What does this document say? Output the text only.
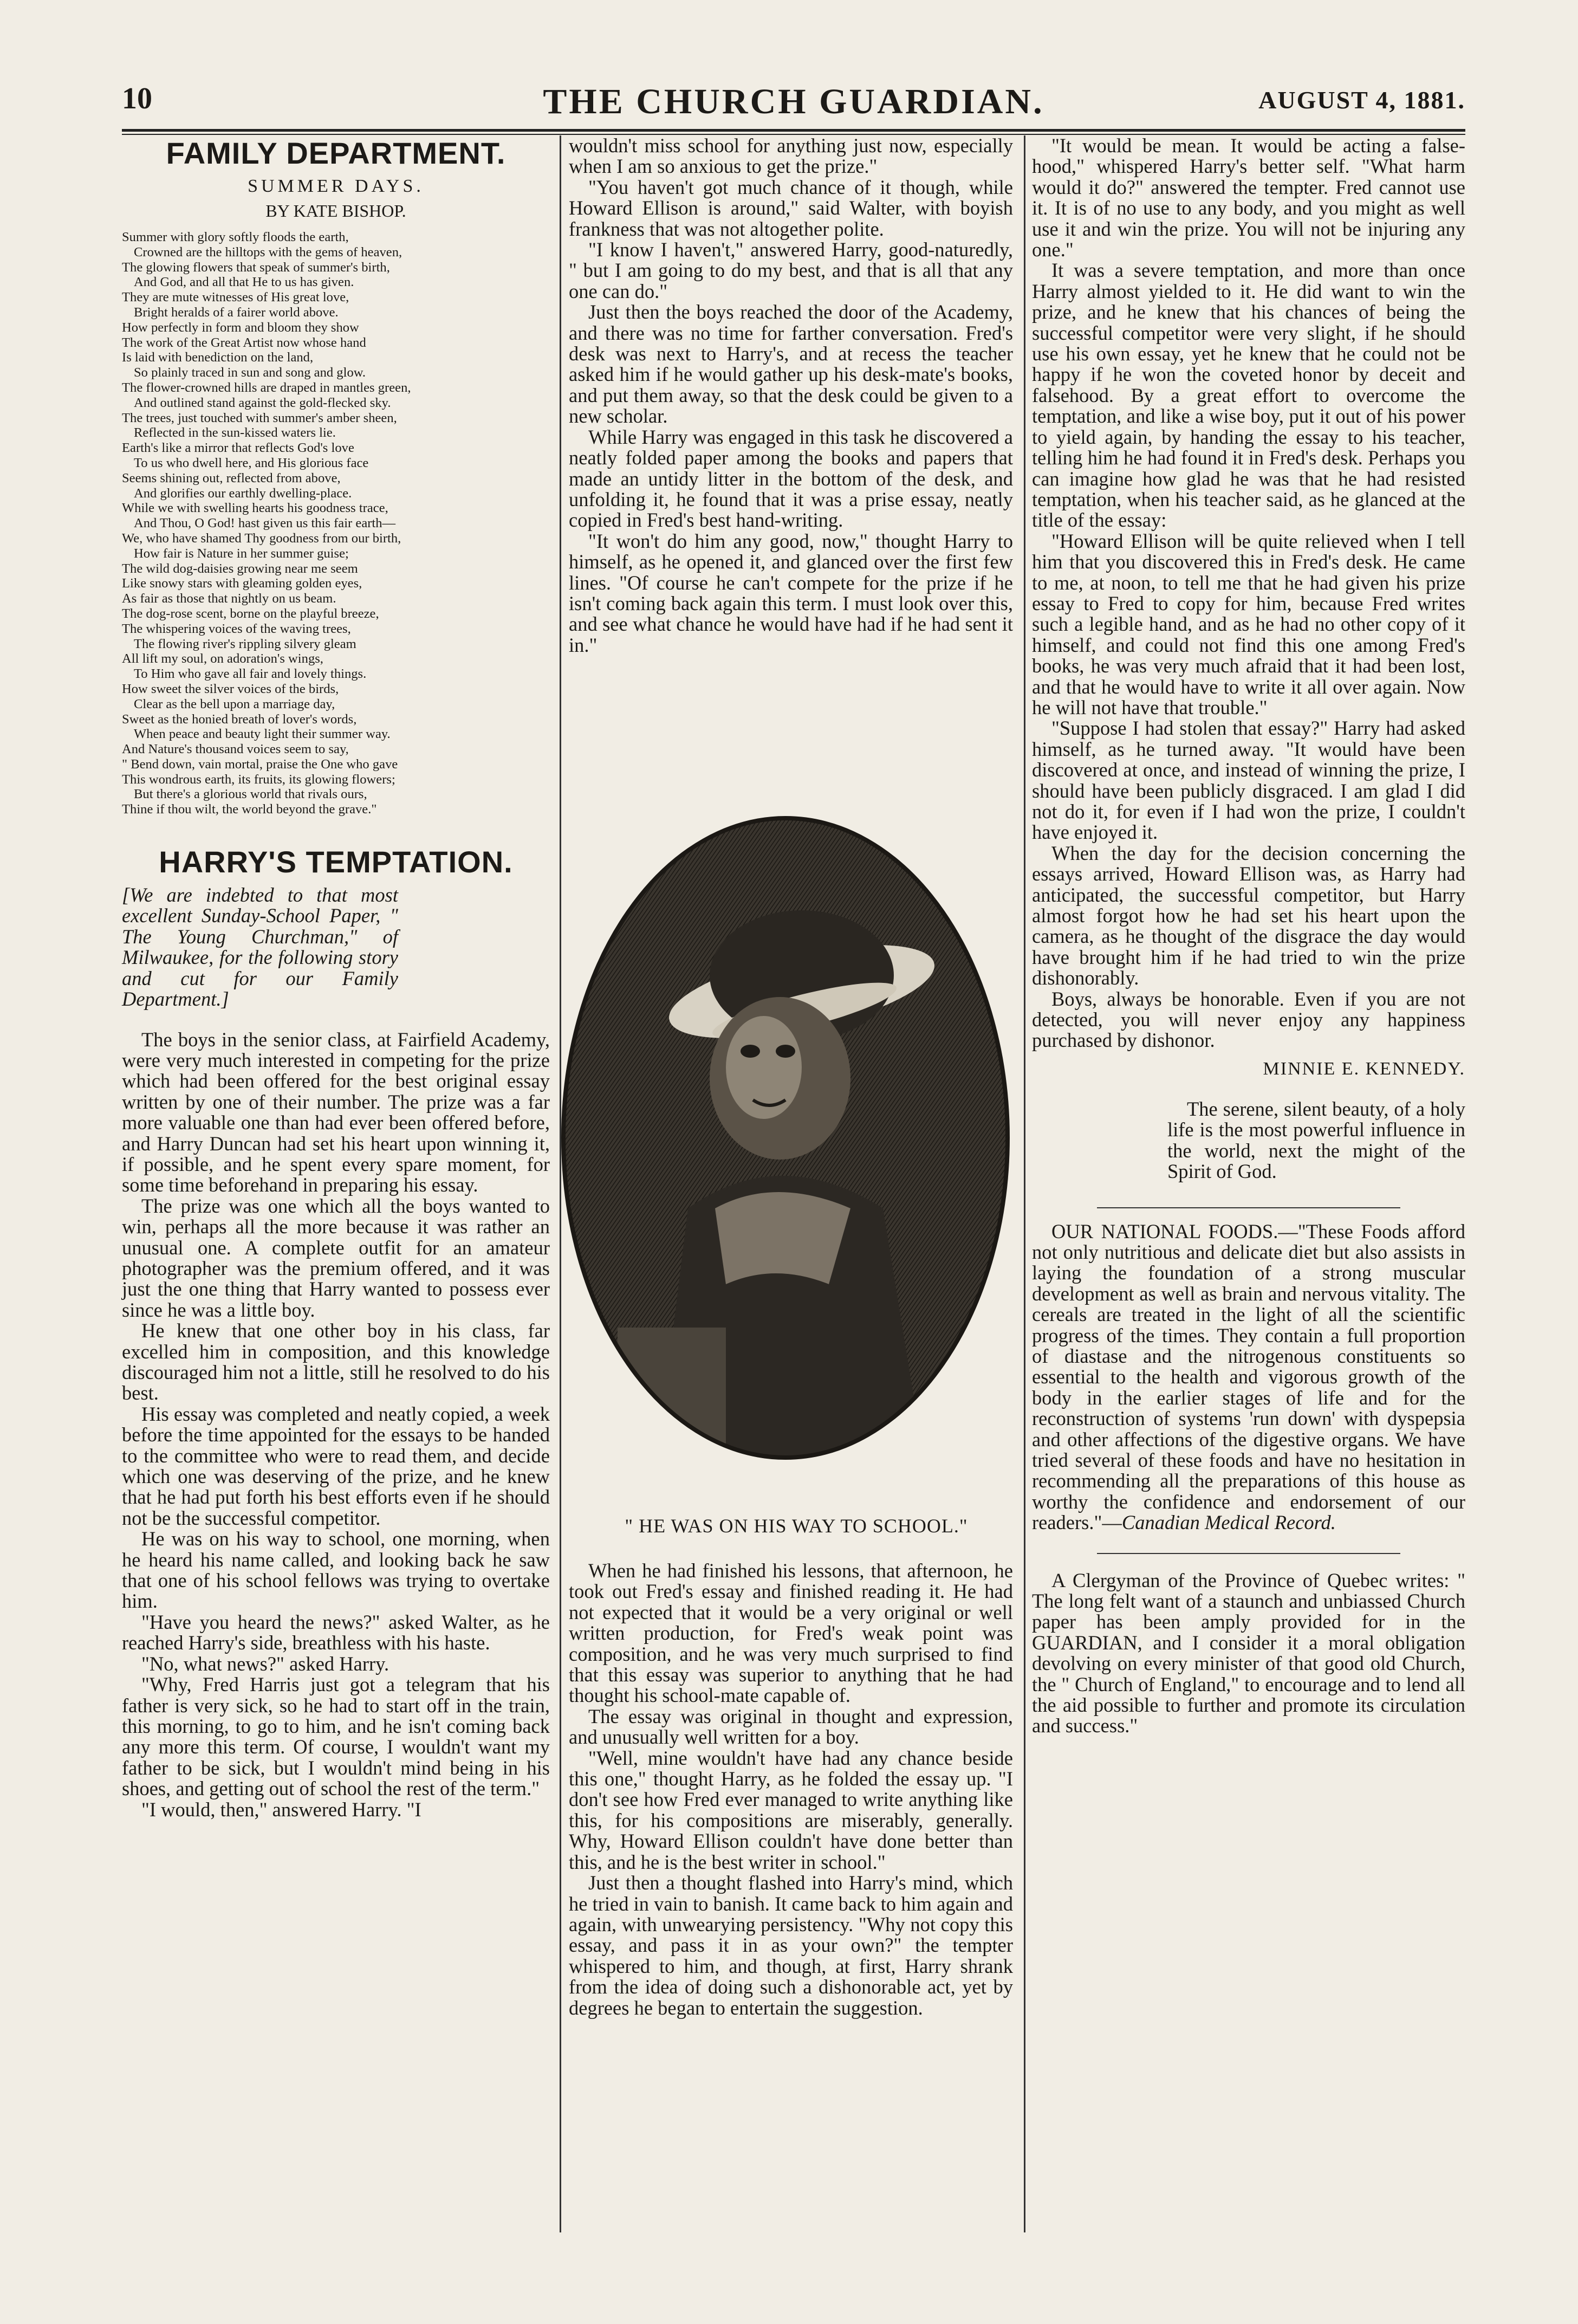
10	THE CHURCH GUARDIAN.	AUGUST 4, 1881.
FAMILY DEPARTMENT.
SUMMER DAYS.
BY KATE BISHOP.
Summer with glory softly floods the earth,
Crowned are the hilltops with the gems of heaven,
The glowing flowers that speak of summer's birth,
And God, and all that He to us has given.
They are mute witnesses of His great love,
Bright heralds of a fairer world above.
How perfectly in form and bloom they show
The work of the Great Artist now whose hand
Is laid with benediction on the land,
So plainly traced in sun and song and glow.
The flower-crowned hills are draped in mantles green,
And outlined stand against the gold-flecked sky.
The trees, just touched with summer's amber sheen,
Reflected in the sun-kissed waters lie.
Earth's like a mirror that reflects God's love
To us who dwell here, and His glorious face
Seems shining out, reflected from above,
And glorifies our earthly dwelling-place.
While we with swelling hearts his goodness trace,
And Thou, O God! hast given us this fair earth—
We, who have shamed Thy goodness from our birth,
How fair is Nature in her summer guise;
The wild dog-daisies growing near me seem
Like snowy stars with gleaming golden eyes,
As fair as those that nightly on us beam.
The dog-rose scent, borne on the playful breeze,
The whispering voices of the waving trees,
The flowing river's rippling silvery gleam
All lift my soul, on adoration's wings,
To Him who gave all fair and lovely things.
How sweet the silver voices of the birds,
Clear as the bell upon a marriage day,
Sweet as the honied breath of lover's words,
When peace and beauty light their summer way.
And Nature's thousand voices seem to say,
" Bend down, vain mortal, praise the One who gave
This wondrous earth, its fruits, its glowing flowers;
But there's a glorious world that rivals ours,
Thine if thou wilt, the world beyond the grave."
HARRY'S TEMPTATION.
[We are indebted to that most excellent Sunday-School Paper, " The Young Churchman," of Milwaukee, for the following story and cut for our Family Department.]

The boys in the senior class, at Fairfield Academy, were very much interested in competing for the prize which had been offered for the best original essay written by one of their number. The prize was a far more valuable one than had ever been offered before, and Harry Duncan had set his heart upon winning it, if possible, and he spent every spare moment, for some time beforehand in preparing his essay.

The prize was one which all the boys wanted to win, perhaps all the more because it was rather an unusual one. A complete outfit for an amateur photographer was the premium offered, and it was just the one thing that Harry wanted to possess ever since he was a little boy.

He knew that one other boy in his class, far excelled him in composition, and this knowledge discouraged him not a little, still he resolved to do his best.

His essay was completed and neatly copied, a week before the time appointed for the essays to be handed to the committee who were to read them, and decide which one was deserving of the prize, and he knew that he had put forth his best efforts even if he should not be the successful competitor.

He was on his way to school, one morning, when he heard his name called, and looking back he saw that one of his school fellows was trying to overtake him.

"Have you heard the news?" asked Walter, as he reached Harry's side, breathless with his haste.

"No, what news?" asked Harry.

"Why, Fred Harris just got a telegram that his father is very sick, so he had to start off in the train, this morning, to go to him, and he isn't coming back any more this term. Of course, I wouldn't want my father to be sick, but I wouldn't mind being in his shoes, and getting out of school the rest of the term."

"I would, then," answered Harry. "I

wouldn't miss school for anything just now, especially when I am so anxious to get the prize."

"You haven't got much chance of it though, while Howard Ellison is around," said Walter, with boyish frankness that was not altogether polite.

"I know I haven't," answered Harry, good-naturedly, " but I am going to do my best, and that is all that any one can do."

Just then the boys reached the door of the Academy, and there was no time for farther conversation. Fred's desk was next to Harry's, and at recess the teacher asked him if he would gather up his desk-mate's books, and put them away, so that the desk could be given to a new scholar.

While Harry was engaged in this task he discovered a neatly folded paper among the books and papers that made an untidy litter in the bottom of the desk, and unfolding it, he found that it was a prise essay, neatly copied in Fred's best hand-writing.

"It won't do him any good, now," thought Harry to himself, as he opened it, and glanced over the first few lines. "Of course he can't compete for the prize if he isn't coming back again this term. I must look over this, and see what chance he would have had if he had sent it in."

" HE WAS ON HIS WAY TO SCHOOL."

When he had finished his lessons, that afternoon, he took out Fred's essay and finished reading it. He had not expected that it would be a very original or well written production, for Fred's weak point was composition, and he was very much surprised to find that this essay was superior to anything that he had thought his school-mate capable of.

The essay was original in thought and expression, and unusually well written for a boy.

"Well, mine wouldn't have had any chance beside this one," thought Harry, as he folded the essay up. "I don't see how Fred ever managed to write anything like this, for his compositions are miserably, generally. Why, Howard Ellison couldn't have done better than this, and he is the best writer in school."

Just then a thought flashed into Harry's mind, which he tried in vain to banish. It came back to him again and again, with unwearying persistency. "Why not copy this essay, and pass it in as your own?" the tempter whispered to him, and though, at first, Harry shrank from the idea of doing such a dishonorable act, yet by degrees he began to entertain the suggestion.

"It would be mean. It would be acting a false-hood," whispered Harry's better self. "What harm would it do?" answered the tempter. Fred cannot use it. It is of no use to any body, and you might as well use it and win the prize. You will not be injuring any one."

It was a severe temptation, and more than once Harry almost yielded to it. He did want to win the prize, and he knew that his chances of being the successful competitor were very slight, if he should use his own essay, yet he knew that he could not be happy if he won the coveted honor by deceit and falsehood. By a great effort to overcome the temptation, and like a wise boy, put it out of his power to yield again, by handing the essay to his teacher, telling him he had found it in Fred's desk. Perhaps you can imagine how glad he was that he had resisted temptation, when his teacher said, as he glanced at the title of the essay:

"Howard Ellison will be quite relieved when I tell him that you discovered this in Fred's desk. He came to me, at noon, to tell me that he had given his prize essay to Fred to copy for him, because Fred writes such a legible hand, and as he had no other copy of it himself, and could not find this one among Fred's books, he was very much afraid that it had been lost, and that he would have to write it all over again. Now he will not have that trouble."

"Suppose I had stolen that essay?" Harry had asked himself, as he turned away. "It would have been discovered at once, and instead of winning the prize, I should have been publicly disgraced. I am glad I did not do it, for even if I had won the prize, I couldn't have enjoyed it.

When the day for the decision concerning the essays arrived, Howard Ellison was, as Harry had anticipated, the successful competitor, but Harry almost forgot how he had set his heart upon the camera, as he thought of the disgrace the day would have brought him if he had tried to win the prize dishonorably.

Boys, always be honorable. Even if you are not detected, you will never enjoy any happiness purchased by dishonor.

MINNIE E. KENNEDY.

The serene, silent beauty, of a holy life is the most powerful influence in the world, next the might of the Spirit of God.

OUR NATIONAL FOODS.—"These Foods afford not only nutritious and delicate diet but also assists in laying the foundation of a strong muscular development as well as brain and nervous vitality. The cereals are treated in the light of all the scientific progress of the times. They contain a full proportion of diastase and the nitrogenous constituents so essential to the health and vigorous growth of the body in the earlier stages of life and for the reconstruction of systems 'run down' with dyspepsia and other affections of the digestive organs. We have tried several of these foods and have no hesitation in recommending all the preparations of this house as worthy the confidence and endorsement of our readers."—Canadian Medical Record.

A Clergyman of the Province of Quebec writes: " The long felt want of a staunch and unbiassed Church paper has been amply provided for in the GUARDIAN, and I consider it a moral obligation devolving on every minister of that good old Church, the " Church of England," to encourage and to lend all the aid possible to further and promote its circulation and success."
